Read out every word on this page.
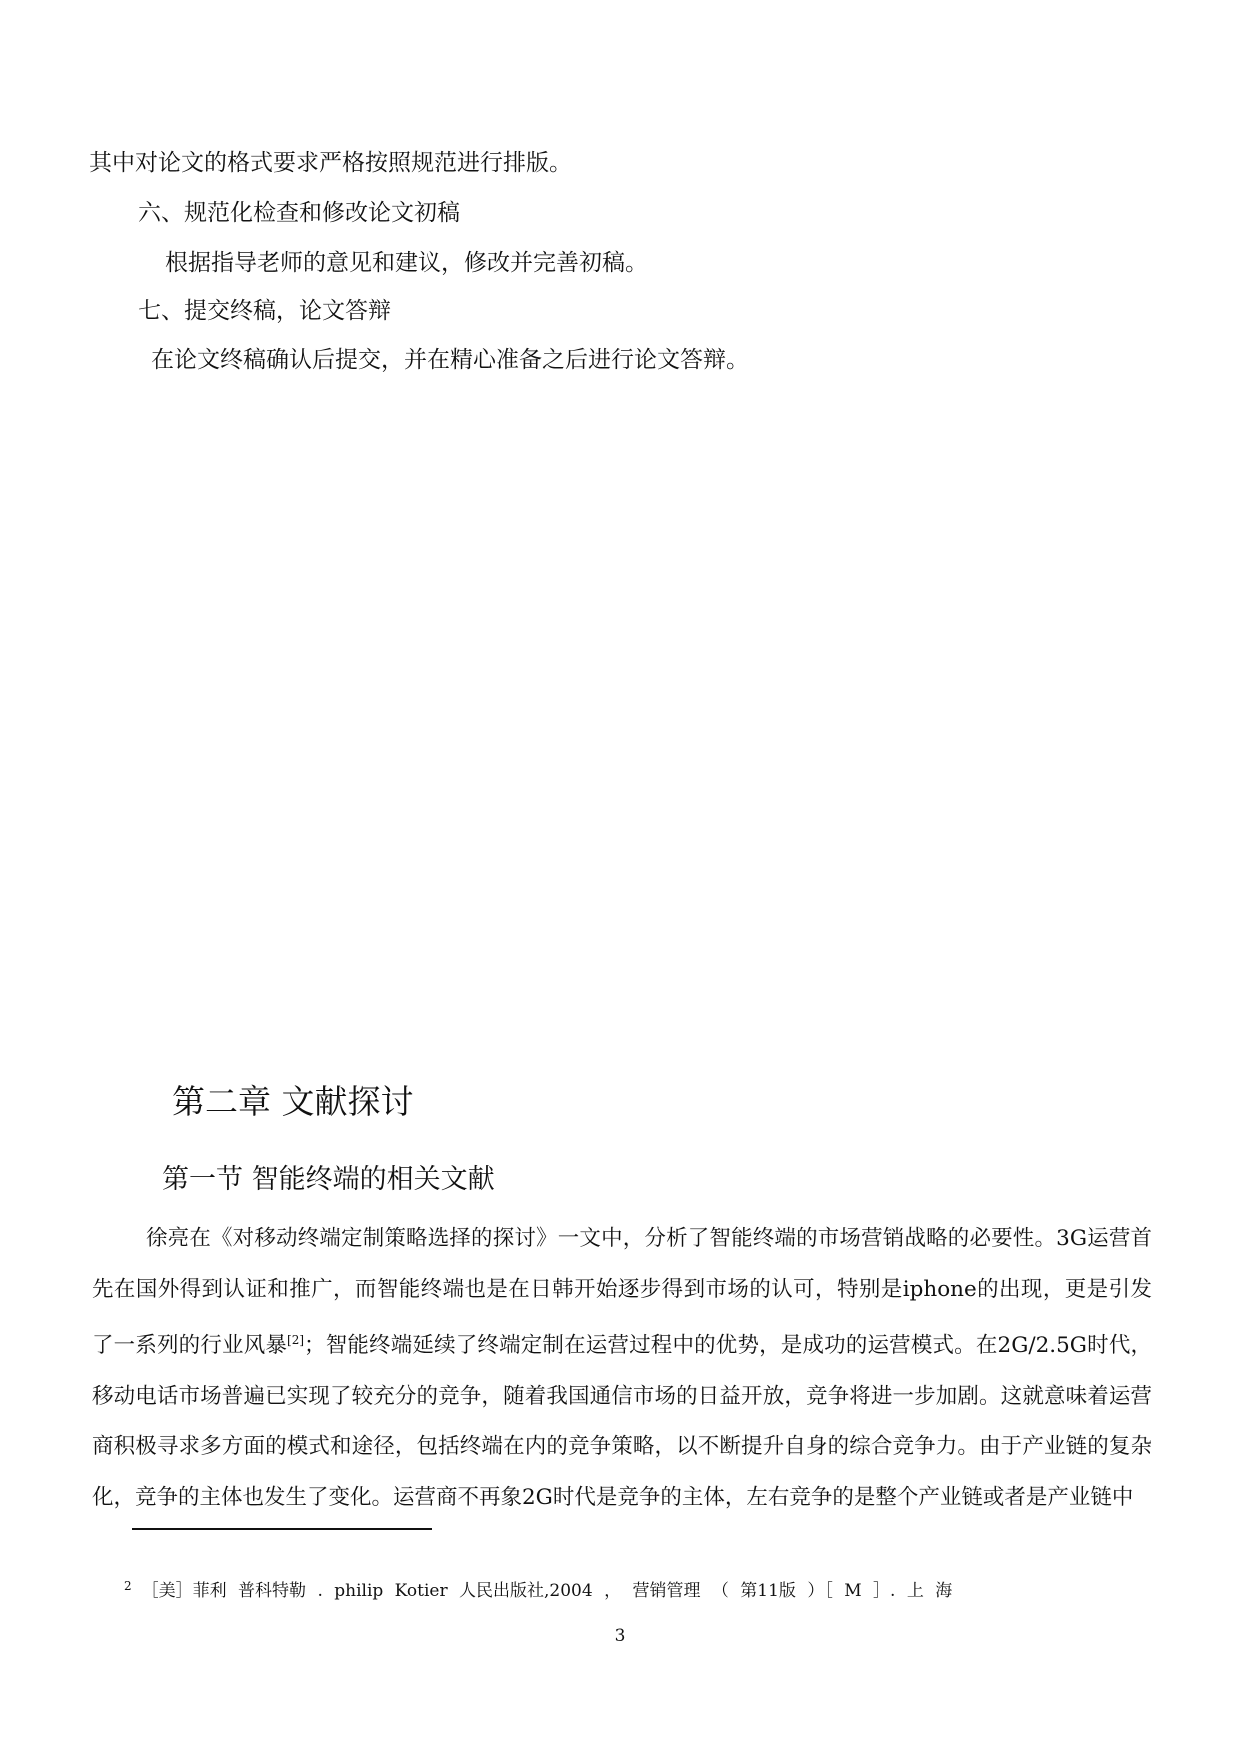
其中对论文的格式要求严格按照规范进行排版。
六、规范化检查和修改论文初稿
根据指导老师的意见和建议，修改并完善初稿。
七、提交终稿，论文答辩
在论文终稿确认后提交，并在精心准备之后进行论文答辩。
第二章 文献探讨
第一节 智能终端的相关文献
徐亮在《对移动终端定制策略选择的探讨》一文中，分析了智能终端的市场营销战略的必要性。3G运营首先在国外得到认证和推广，而智能终端也是在日韩开始逐步得到市场的认可，特别是iphone的出现，更是引发了一系列的行业风暴[2]；智能终端延续了终端定制在运营过程中的优势，是成功的运营模式。在2G/2.5G时代，移动电话市场普遍已实现了较充分的竞争，随着我国通信市场的日益开放，竞争将进一步加剧。这就意味着运营商积极寻求多方面的模式和途径，包括终端在内的竞争策略，以不断提升自身的综合竞争力。由于产业链的复杂化，竞争的主体也发生了变化。运营商不再象2G时代是竞争的主体，左右竞争的是整个产业链或者是产业链中
$^2$ ［美］菲利 普科特勒 . philip Kotier 人民出版社,2004 ， 营销管理 （ 第11版 ）［ M ］. 上 海
3
